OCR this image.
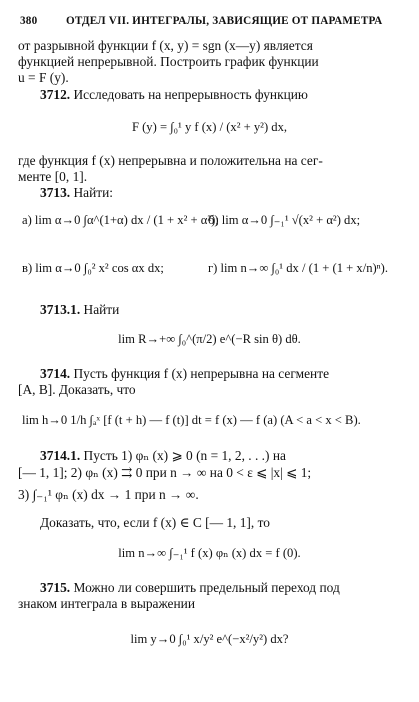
380	ОТДЕЛ VII. ИНТЕГРАЛЫ, ЗАВИСЯЩИЕ ОТ ПАРАМЕТРА
от разрывной функции f (x, y) = sgn (x—y) является
функцией непрерывной. Построить график функции
u = F (y).
3712. Исследовать на непрерывность функцию
F (y) = ∫₀¹ y f (x) / (x² + y²) dx,
где функция f (x) непрерывна и положительна на сег-
менте [0, 1].
3713. Найти:
а) lim α→0 ∫α^(1+α) dx / (1 + x² + α²);
б) lim α→0 ∫₋₁¹ √(x² + α²) dx;
в) lim α→0 ∫₀² x² cos αx dx;	г) lim n→∞ ∫₀¹ dx / (1 + (1 + x/n)ⁿ).
3713.1. Найти
lim R→+∞ ∫₀^(π/2) e^(−R sin θ) dθ.
3714. Пусть функция f (x) непрерывна на сегменте
[A, B]. Доказать, что
lim h→0 1/h ∫ₐˣ [f (t + h) — f (t)] dt = f (x) — f (a) (A < a < x < B).
3714.1. Пусть 1) φₙ (x) ⩾ 0 (n = 1, 2, . . .) на
[— 1, 1]; 2) φₙ (x) ⇉ 0 при n → ∞ на 0 < ε ⩽ |x| ⩽ 1;
3) ∫₋₁¹ φₙ (x) dx → 1 при n → ∞.
Доказать, что, если f (x) ∈ C [— 1, 1], то
lim n→∞ ∫₋₁¹ f (x) φₙ (x) dx = f (0).
3715. Можно ли совершить предельный переход под
знаком интеграла в выражении
lim y→0 ∫₀¹ x/y² e^(−x²/y²) dx?
